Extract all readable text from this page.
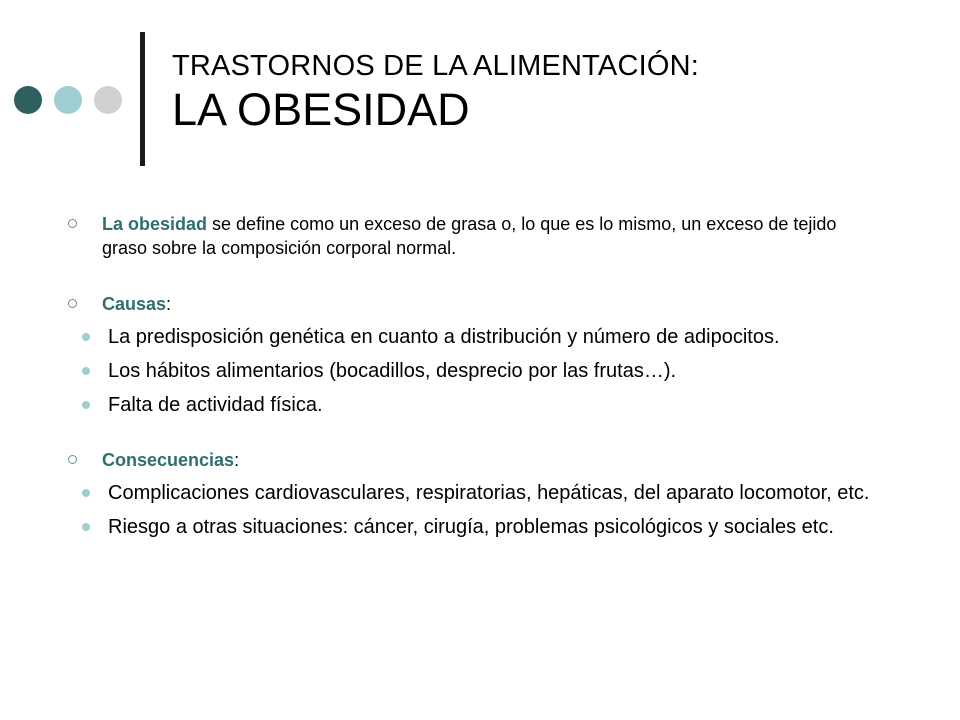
TRASTORNOS DE LA ALIMENTACIÓN:
LA OBESIDAD
La obesidad se define como un exceso de grasa o, lo que es lo mismo, un exceso de tejido graso sobre la composición corporal normal.
Causas:
La predisposición genética en cuanto a distribución y número de adipocitos.
Los hábitos alimentarios (bocadillos, desprecio por las frutas…).
Falta de actividad física.
Consecuencias:
Complicaciones cardiovasculares, respiratorias, hepáticas, del aparato locomotor, etc.
Riesgo a otras situaciones: cáncer, cirugía, problemas psicológicos y sociales etc.
